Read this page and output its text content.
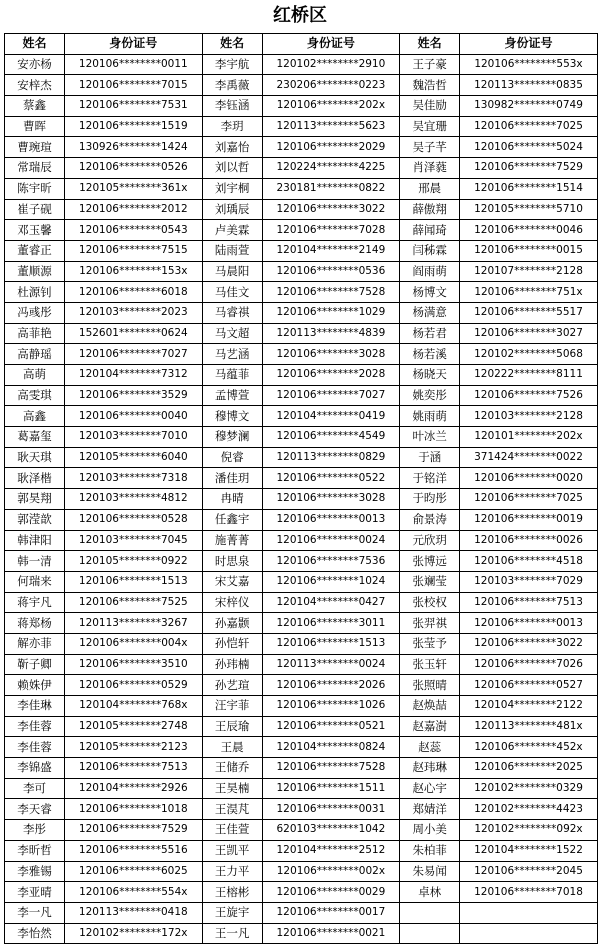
红桥区
姓名	身份证号	姓名	身份证号	姓名	身份证号
安亦杨	120106********0011	李宇航	120102********2910	王子豪	120106********553x
安梓杰	120106********7015	李禹薇	230206********0223	魏浩哲	120113********0835
蔡鑫	120106********7531	李钰涵	120106********202x	吴佳励	130982********0749
曹晖	120106********1519	李玥	120113********5623	吴宜珊	120106********7025
曹琬瑄	130926********1424	刘嘉怡	120106********2029	吴子芊	120106********5024
常瑞辰	120106********0526	刘以哲	120224********4225	肖泽蕤	120106********7529
陈宇昕	120105********361x	刘宇桐	230181********0822	邢晨	120106********1514
崔子砚	120106********2012	刘瑀辰	120106********3022	薛傲翔	120105********5710
邓玉馨	120106********0543	卢美霖	120106********7028	薛闻琦	120106********0046
董睿正	120106********7515	陆雨萱	120104********2149	闫秭霖	120106********0015
董顺源	120106********153x	马晨阳	120106********0536	阎雨萌	120107********2128
杜源钊	120106********6018	马佳文	120106********7528	杨博文	120106********751x
冯彧彤	120103********2023	马睿祺	120106********1029	杨满意	120106********5517
高菲艳	152601********0624	马文超	120113********4839	杨若君	120106********3027
高静瑶	120106********7027	马艺涵	120106********3028	杨若溪	120102********5068
高萌	120104********7312	马蕴菲	120106********2028	杨晓天	120222********8111
高雯琪	120106********3529	孟博萱	120106********7027	姚奕彤	120106********7526
高鑫	120106********0040	穆博文	120104********0419	姚雨萌	120103********2128
葛嘉玺	120103********7010	穆梦澜	120106********4549	叶冰兰	120101********202x
耿天琪	120105********6040	倪睿	120113********0829	于涵	371424********0022
耿泽楷	120103********7318	潘佳玥	120106********0522	于铭洋	120106********0020
郭昊翔	120103********4812	冉晴	120106********3028	于昀彤	120106********7025
郭滢歆	120106********0528	任鑫宇	120106********0013	俞景涛	120106********0019
韩津阳	120103********7045	施菁菁	120106********0024	元欣玥	120106********0026
韩一清	120105********0922	时思泉	120106********7536	张博远	120106********4518
何瑞来	120106********1513	宋艾嘉	120106********1024	张斓莹	120103********7029
蒋宇凡	120106********7525	宋梓仪	120104********0427	张校权	120106********7513
蒋郑杨	120113********3267	孙嘉颢	120106********3011	张羿祺	120106********0013
解亦菲	120106********004x	孙恺轩	120106********1513	张莹予	120106********3022
靳子卿	120106********3510	孙玮楠	120113********0024	张玉轩	120106********7026
赖姝伊	120106********0529	孙艺瑄	120106********2026	张照晴	120106********0527
李佳琳	120104********768x	汪宇菲	120106********1026	赵焕喆	120104********2122
李佳蓉	120105********2748	王辰瑜	120106********0521	赵嘉澍	120113********481x
李佳蓉	120105********2123	王晨	120104********0824	赵蕊	120106********452x
李锦盛	120106********7513	王储乔	120106********7528	赵玮琳	120106********2025
李可	120104********2926	王昊楠	120106********1511	赵心宇	120102********0329
李天睿	120106********1018	王淏芃	120106********0031	郑婧洋	120102********4423
李彤	120106********7529	王佳萱	620103********1042	周小美	120102********092x
李昕哲	120106********5516	王凯平	120104********2512	朱柏菲	120104********1522
李雅锡	120106********6025	王力平	120106********002x	朱易闻	120106********2045
李亚晴	120106********554x	王榕彬	120106********0029	卓林	120106********7018
李一凡	120113********0418	王旋宇	120106********0017		
李怡然	120102********172x	王一凡	120106********0021		
